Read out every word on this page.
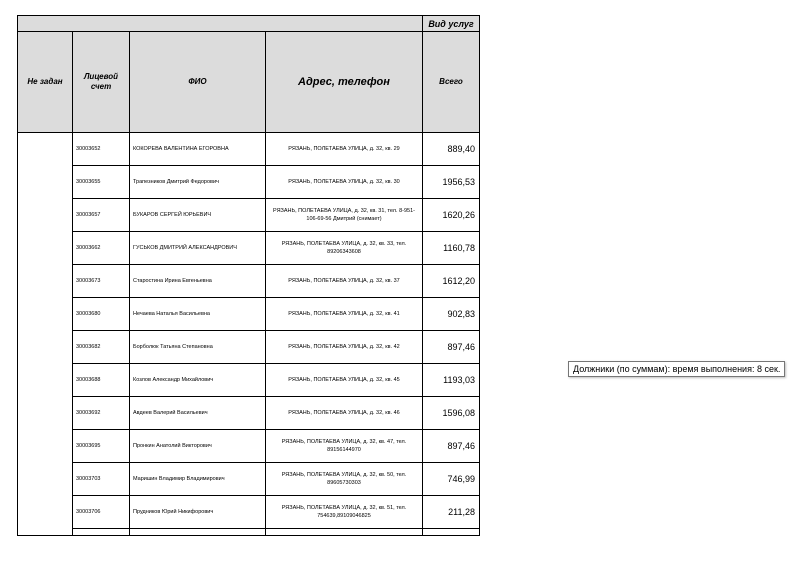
				Вид услуг
Не задан	Лицевой счет	ФИО	Адрес, телефон	Всего
	30003652	КОКОРЕВА ВАЛЕНТИНА ЕГОРОВНА	РЯЗАНЬ, ПОЛЕТАЕВА УЛИЦА, д. 32, кв. 29	889,40
	30003655	Трапезников Дмитрий Федорович	РЯЗАНЬ, ПОЛЕТАЕВА УЛИЦА, д. 32, кв. 30	1956,53
	30003657	БУКАРОВ СЕРГЕЙ ЮРЬЕВИЧ	РЯЗАНЬ, ПОЛЕТАЕВА УЛИЦА, д. 32, кв. 31, тел. 8-951-106-69-56 Дмитрий (снимает)	1620,26
	30003662	ГУСЬКОВ ДМИТРИЙ АЛЕКСАНДРОВИЧ	РЯЗАНЬ, ПОЛЕТАЕВА УЛИЦА, д. 32, кв. 33, тел. 89206343608	1160,78
	30003673	Старостина Ирина Евгеньевна	РЯЗАНЬ, ПОЛЕТАЕВА УЛИЦА, д. 32, кв. 37	1612,20
	30003680	Нечаева Наталья Васильевна	РЯЗАНЬ, ПОЛЕТАЕВА УЛИЦА, д. 32, кв. 41	902,83
	30003682	Борболюк Татьяна Степановна	РЯЗАНЬ, ПОЛЕТАЕВА УЛИЦА, д. 32, кв. 42	897,46
	30003688	Козлов Александр Михайлович	РЯЗАНЬ, ПОЛЕТАЕВА УЛИЦА, д. 32, кв. 45	1193,03
	30003692	Авдеев Валерий Васильевич	РЯЗАНЬ, ПОЛЕТАЕВА УЛИЦА, д. 32, кв. 46	1596,08
	30003695	Пронкин Анатолий Викторович	РЯЗАНЬ, ПОЛЕТАЕВА УЛИЦА, д. 32, кв. 47, тел. 89156144970	897,46
	30003703	Маришин Владимир Владимирович	РЯЗАНЬ, ПОЛЕТАЕВА УЛИЦА, д. 32, кв. 50, тел. 89605730303	746,99
	30003706	Прудников Юрий Никифорович	РЯЗАНЬ, ПОЛЕТАЕВА УЛИЦА, д. 32, кв. 51, тел. 754639,89109046825	211,28

Должники (по суммам): время выполнения: 8 сек.
